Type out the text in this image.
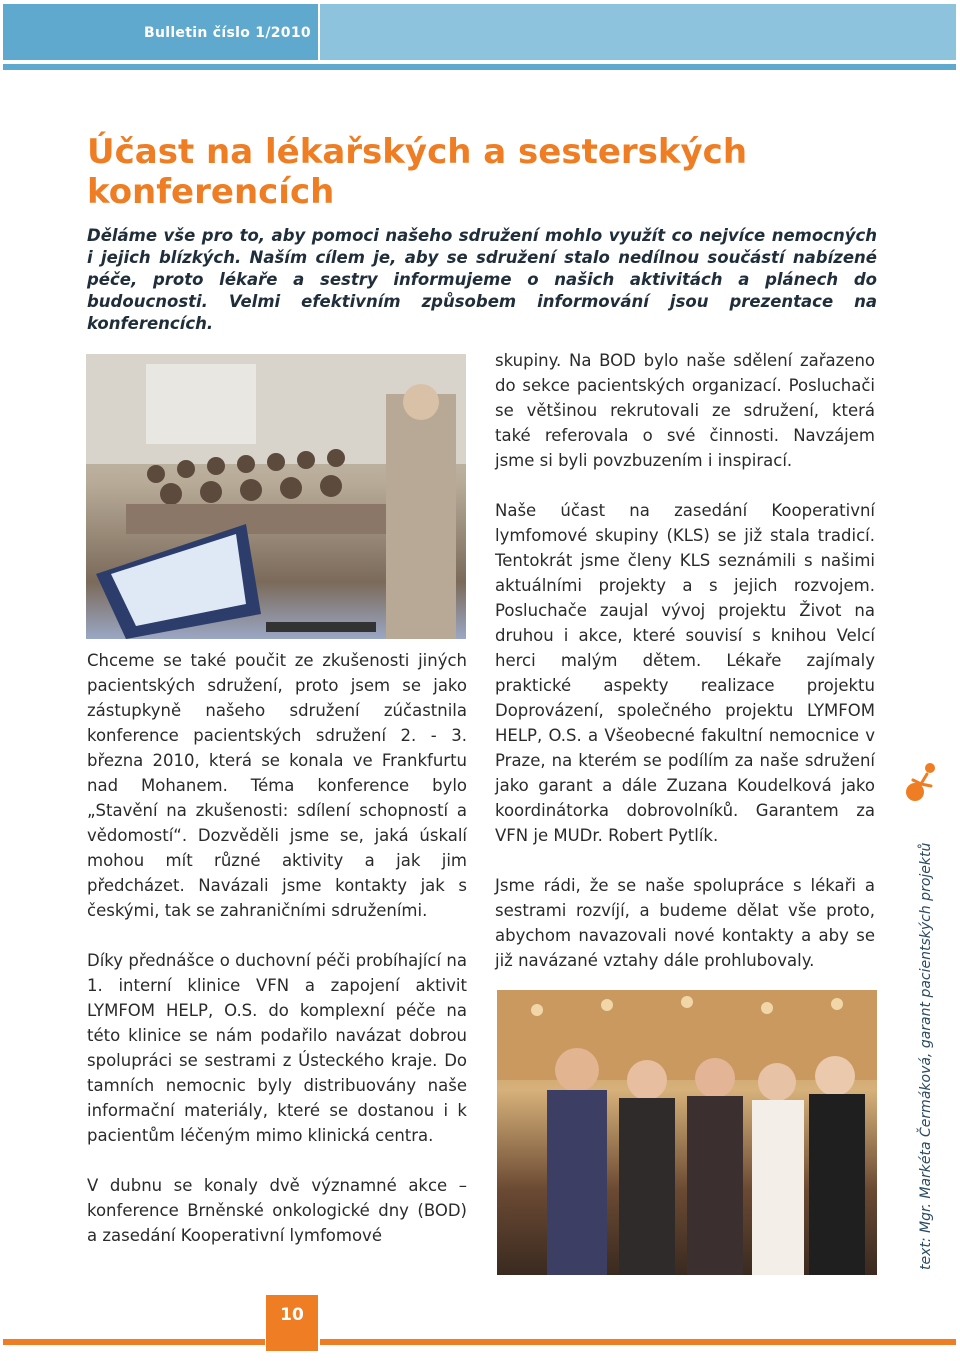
Bulletin číslo 1/2010
Účast na lékařských a sesterských konferencích
Děláme vše pro to, aby pomoci našeho sdružení mohlo využít co nejvíce nemocných i jejich blízkých. Naším cílem je, aby se sdružení stalo nedílnou součástí nabízené péče, proto lékaře a sestry informujeme o našich aktivitách a plánech do budoucnosti. Velmi efektivním způsobem informování jsou prezentace na konferencích.

Chceme se také poučit ze zkušenosti jiných pacientských sdružení, proto jsem se jako zástupkyně našeho sdružení zúčastnila konference pacientských sdružení 2. - 3. března 2010, která se konala ve Frankfurtu nad Mohanem. Téma konference bylo „Stavění na zkušenosti: sdílení schopností a vědomostí“. Dozvěděli jsme se, jaká úskalí mohou mít různé aktivity a jak jim předcházet. Navázali jsme kontakty jak s českými, tak se zahraničními sdruženími.

Díky přednášce o duchovní péči probíhající na 1. interní klinice VFN a zapojení aktivit LYMFOM HELP, O.S. do komplexní péče na této klinice se nám podařilo navázat dobrou spolupráci se sestrami z Ústeckého kraje. Do tamních nemocnic byly distribuovány naše informační materiály, které se dostanou i k pacientům léčeným mimo klinická centra.

V dubnu se konaly dvě významné akce – konference Brněnské onkologické dny (BOD) a zasedání Kooperativní lymfomové

skupiny. Na BOD bylo naše sdělení zařazeno do sekce pacientských organizací. Posluchači se většinou rekrutovali ze sdružení, která také referovala o své činnosti. Navzájem jsme si byli povzbuzením i inspirací.

Naše účast na zasedání Kooperativní lymfomové skupiny (KLS) se již stala tradicí. Tentokrát jsme členy KLS seznámili s našimi aktuálními projekty a s jejich rozvojem. Posluchače zaujal vývoj projektu Život na druhou i akce, které souvisí s knihou Velcí herci malým dětem. Lékaře zajímaly praktické aspekty realizace projektu Doprovázení, společného projektu LYMFOM HELP, O.S. a Všeobecné fakultní nemocnice v Praze, na kterém se podílím za naše sdružení jako garant a dále Zuzana Koudelková jako koordinátorka dobrovolníků. Garantem za VFN je MUDr. Robert Pytlík.

Jsme rádi, že se naše spolupráce s lékaři a sestrami rozvíjí, a budeme dělat vše proto, abychom navazovali nové kontakty a aby se již navázané vztahy dále prohlubovaly.	text: Mgr. Markéta Čermáková, garant pacientských projektů
10
